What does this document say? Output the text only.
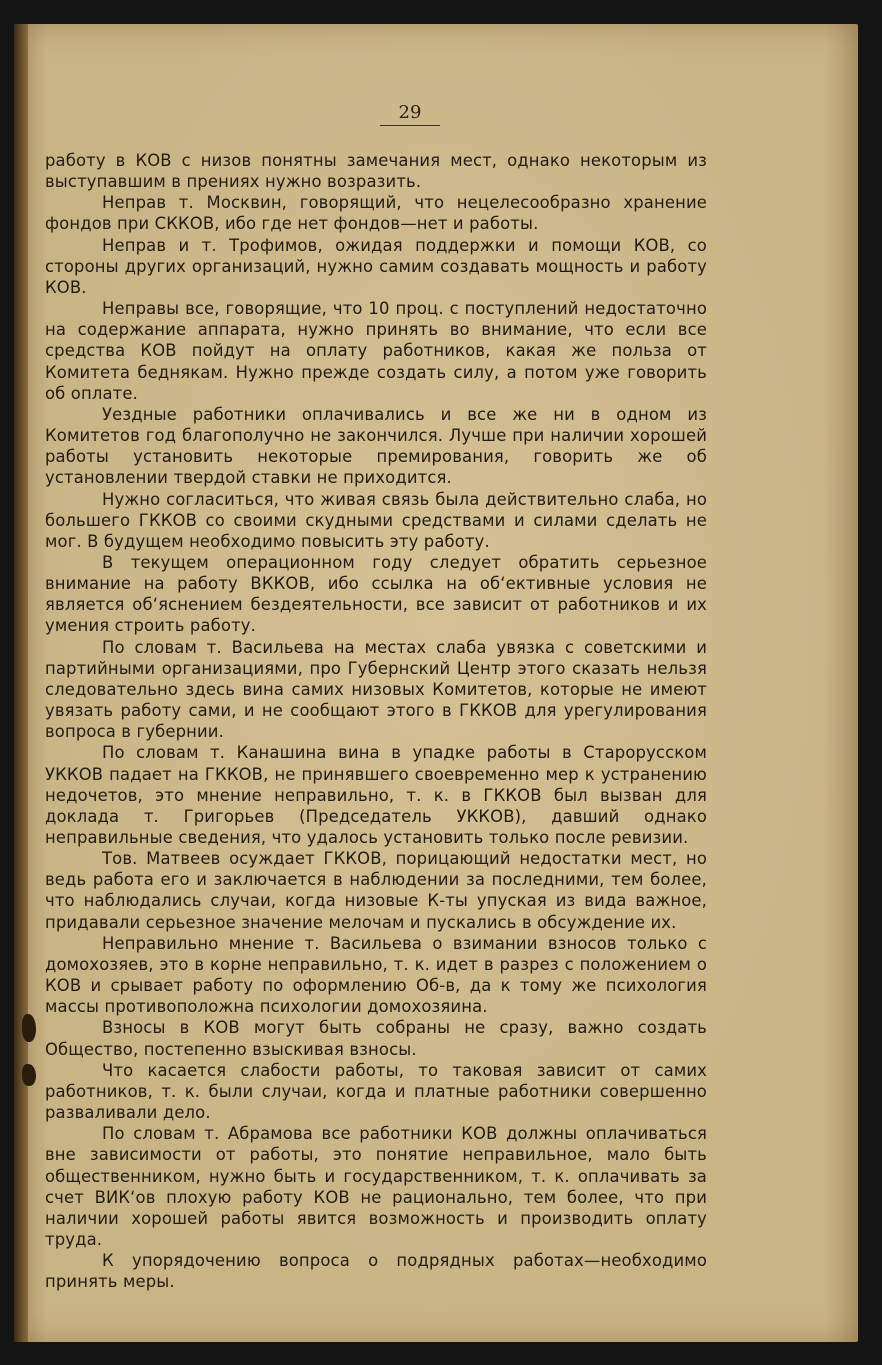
29

работу в КОВ с низов понятны замечания мест, однако некоторым из выступавшим в прениях нужно возразить.

Неправ т. Москвин, говорящий, что нецелесообразно хранение фондов при СККОВ, ибо где нет фондов—нет и работы.

Неправ и т. Трофимов, ожидая поддержки и помощи КОВ, со стороны других организаций, нужно самим создавать мощность и работу КОВ.

Неправы все, говорящие, что 10 проц. с поступлений недостаточно на содержание аппарата, нужно принять во внимание, что если все средства КОВ пойдут на оплату работников, какая же польза от Комитета беднякам. Нужно прежде создать силу, а потом уже говорить об оплате.

Уездные работники оплачивались и все же ни в одном из Комитетов год благополучно не закончился. Лучше при наличии хорошей работы установить некоторые премирования, говорить же об установлении твердой ставки не приходится.

Нужно согласиться, что живая связь была действительно слаба, но большего ГККОВ со своими скудными средствами и силами сделать не мог. В будущем необходимо повысить эту работу.

В текущем операционном году следует обратить серьезное внимание на работу ВККОВ, ибо ссылка на об‘ективные условия не является об‘яснением бездеятельности, все зависит от работников и их умения строить работу.

По словам т. Васильева на местах слаба увязка с советскими и партийными организациями, про Губернский Центр этого сказать нельзя следовательно здесь вина самих низовых Комитетов, которые не имеют увязать работу сами, и не сообщают этого в ГККОВ для урегулирования вопроса в губернии.

По словам т. Канашина вина в упадке работы в Старорусском УККОВ падает на ГККОВ, не принявшего своевременно мер к устранению недочетов, это мнение неправильно, т. к. в ГККОВ был вызван для доклада т. Григорьев (Председатель УККОВ), давший однако неправильные сведения, что удалось установить только после ревизии.

Тов. Матвеев осуждает ГККОВ, порицающий недостатки мест, но ведь работа его и заключается в наблюдении за последними, тем более, что наблюдались случаи, когда низовые К-ты упуская из вида важное, придавали серьезное значение мелочам и пускались в обсуждение их.

Неправильно мнение т. Васильева о взимании взносов только с домохозяев, это в корне неправильно, т. к. идет в разрез с положением о КОВ и срывает работу по оформлению Об-в, да к тому же психология массы противоположна психологии домохозяина.

Взносы в КОВ могут быть собраны не сразу, важно создать Общество, постепенно взыскивая взносы.

Что касается слабости работы, то таковая зависит от самих работников, т. к. были случаи, когда и платные работники совершенно разваливали дело.

По словам т. Абрамова все работники КОВ должны оплачиваться вне зависимости от работы, это понятие неправильное, мало быть общественником, нужно быть и государственником, т. к. оплачивать за счет ВИК‘ов плохую работу КОВ не рационально, тем более, что при наличии хорошей работы явится возможность и производить оплату труда.

К упорядочению вопроса о подрядных работах—необходимо принять меры.
